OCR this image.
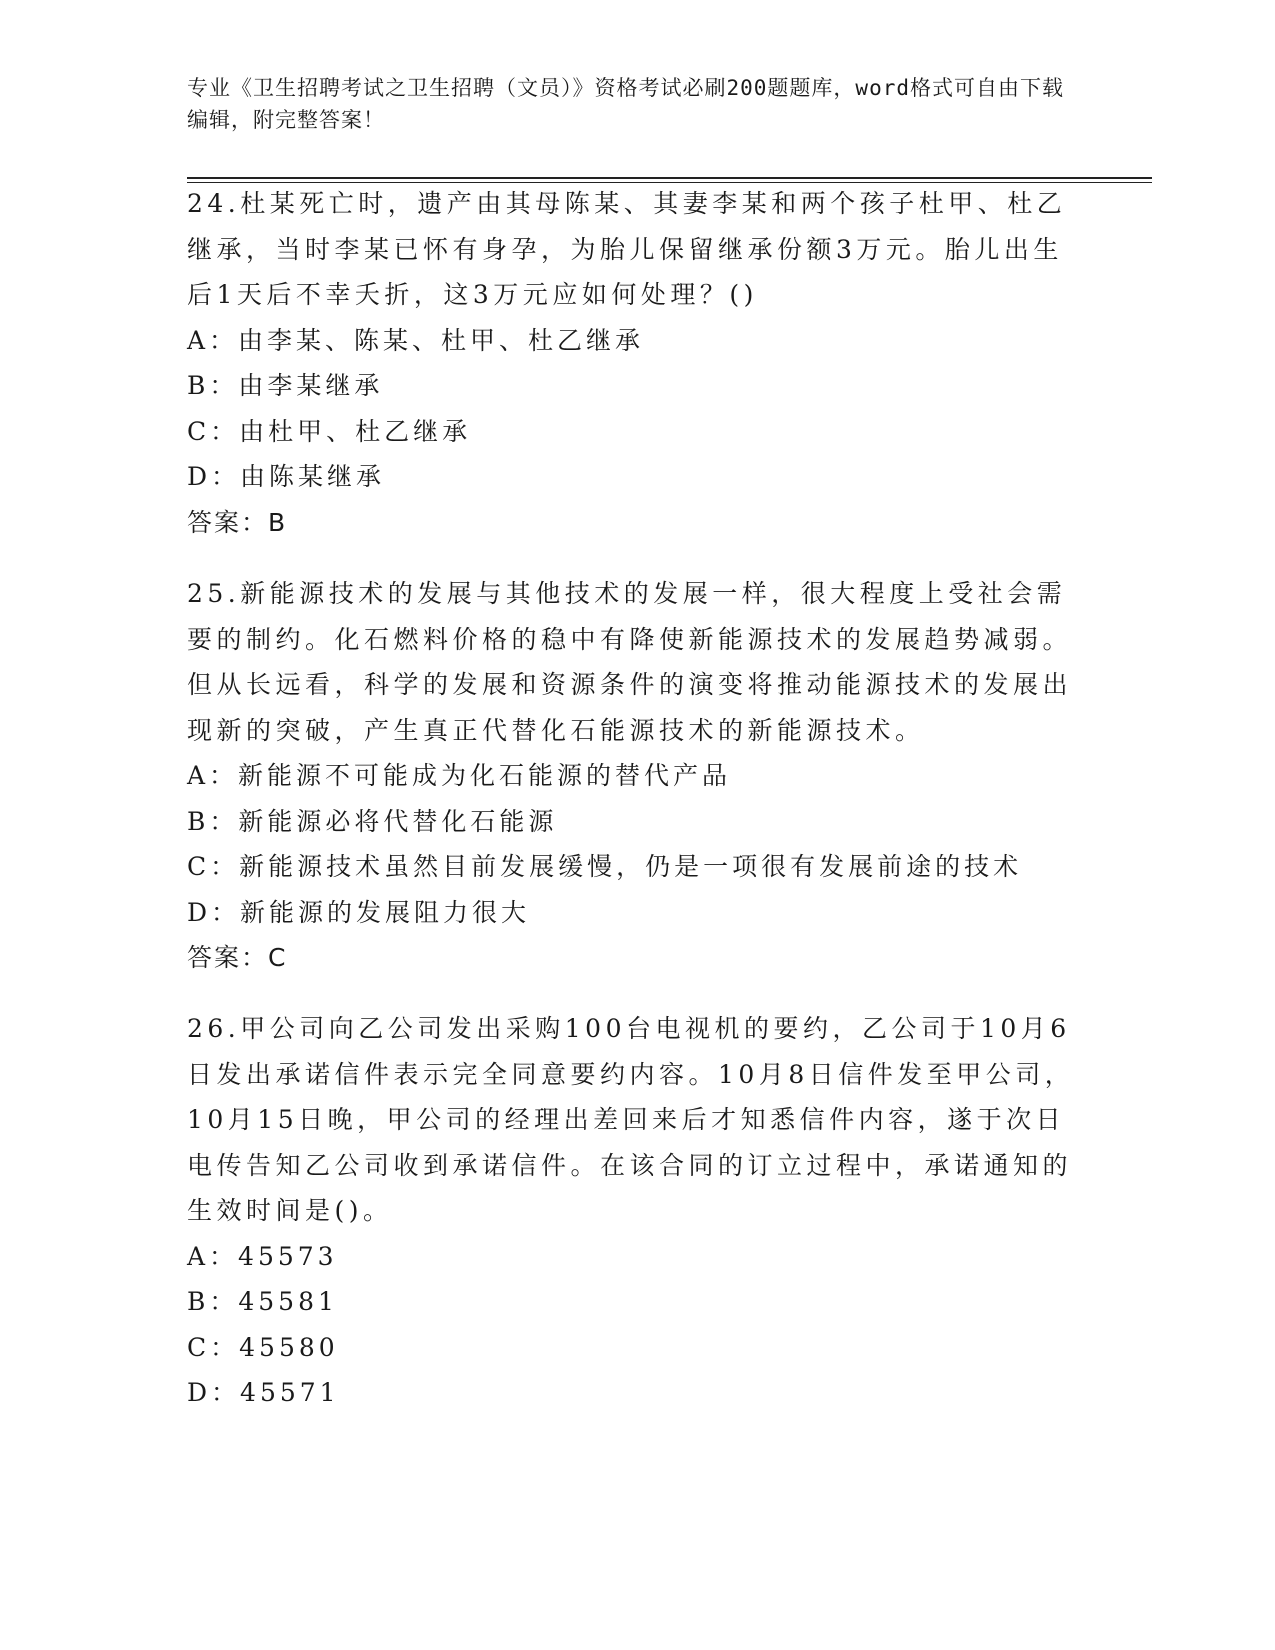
专业《卫生招聘考试之卫生招聘（文员）》资格考试必刷200题题库，word格式可自由下载编辑，附完整答案！

24.杜某死亡时，遗产由其母陈某、其妻李某和两个孩子杜甲、杜乙继承，当时李某已怀有身孕，为胎儿保留继承份额3万元。胎儿出生后1天后不幸夭折，这3万元应如何处理？()

A：由李某、陈某、杜甲、杜乙继承

B：由李某继承

C：由杜甲、杜乙继承

D：由陈某继承

答案：B

25.新能源技术的发展与其他技术的发展一样，很大程度上受社会需要的制约。化石燃料价格的稳中有降使新能源技术的发展趋势减弱。但从长远看，科学的发展和资源条件的演变将推动能源技术的发展出现新的突破，产生真正代替化石能源技术的新能源技术。

A：新能源不可能成为化石能源的替代产品

B：新能源必将代替化石能源

C：新能源技术虽然目前发展缓慢，仍是一项很有发展前途的技术

D：新能源的发展阻力很大

答案：C

26.甲公司向乙公司发出采购100台电视机的要约，乙公司于10月6日发出承诺信件表示完全同意要约内容。10月8日信件发至甲公司，10月15日晚，甲公司的经理出差回来后才知悉信件内容，遂于次日电传告知乙公司收到承诺信件。在该合同的订立过程中，承诺通知的生效时间是()。

A：45573

B：45581

C：45580

D：45571
